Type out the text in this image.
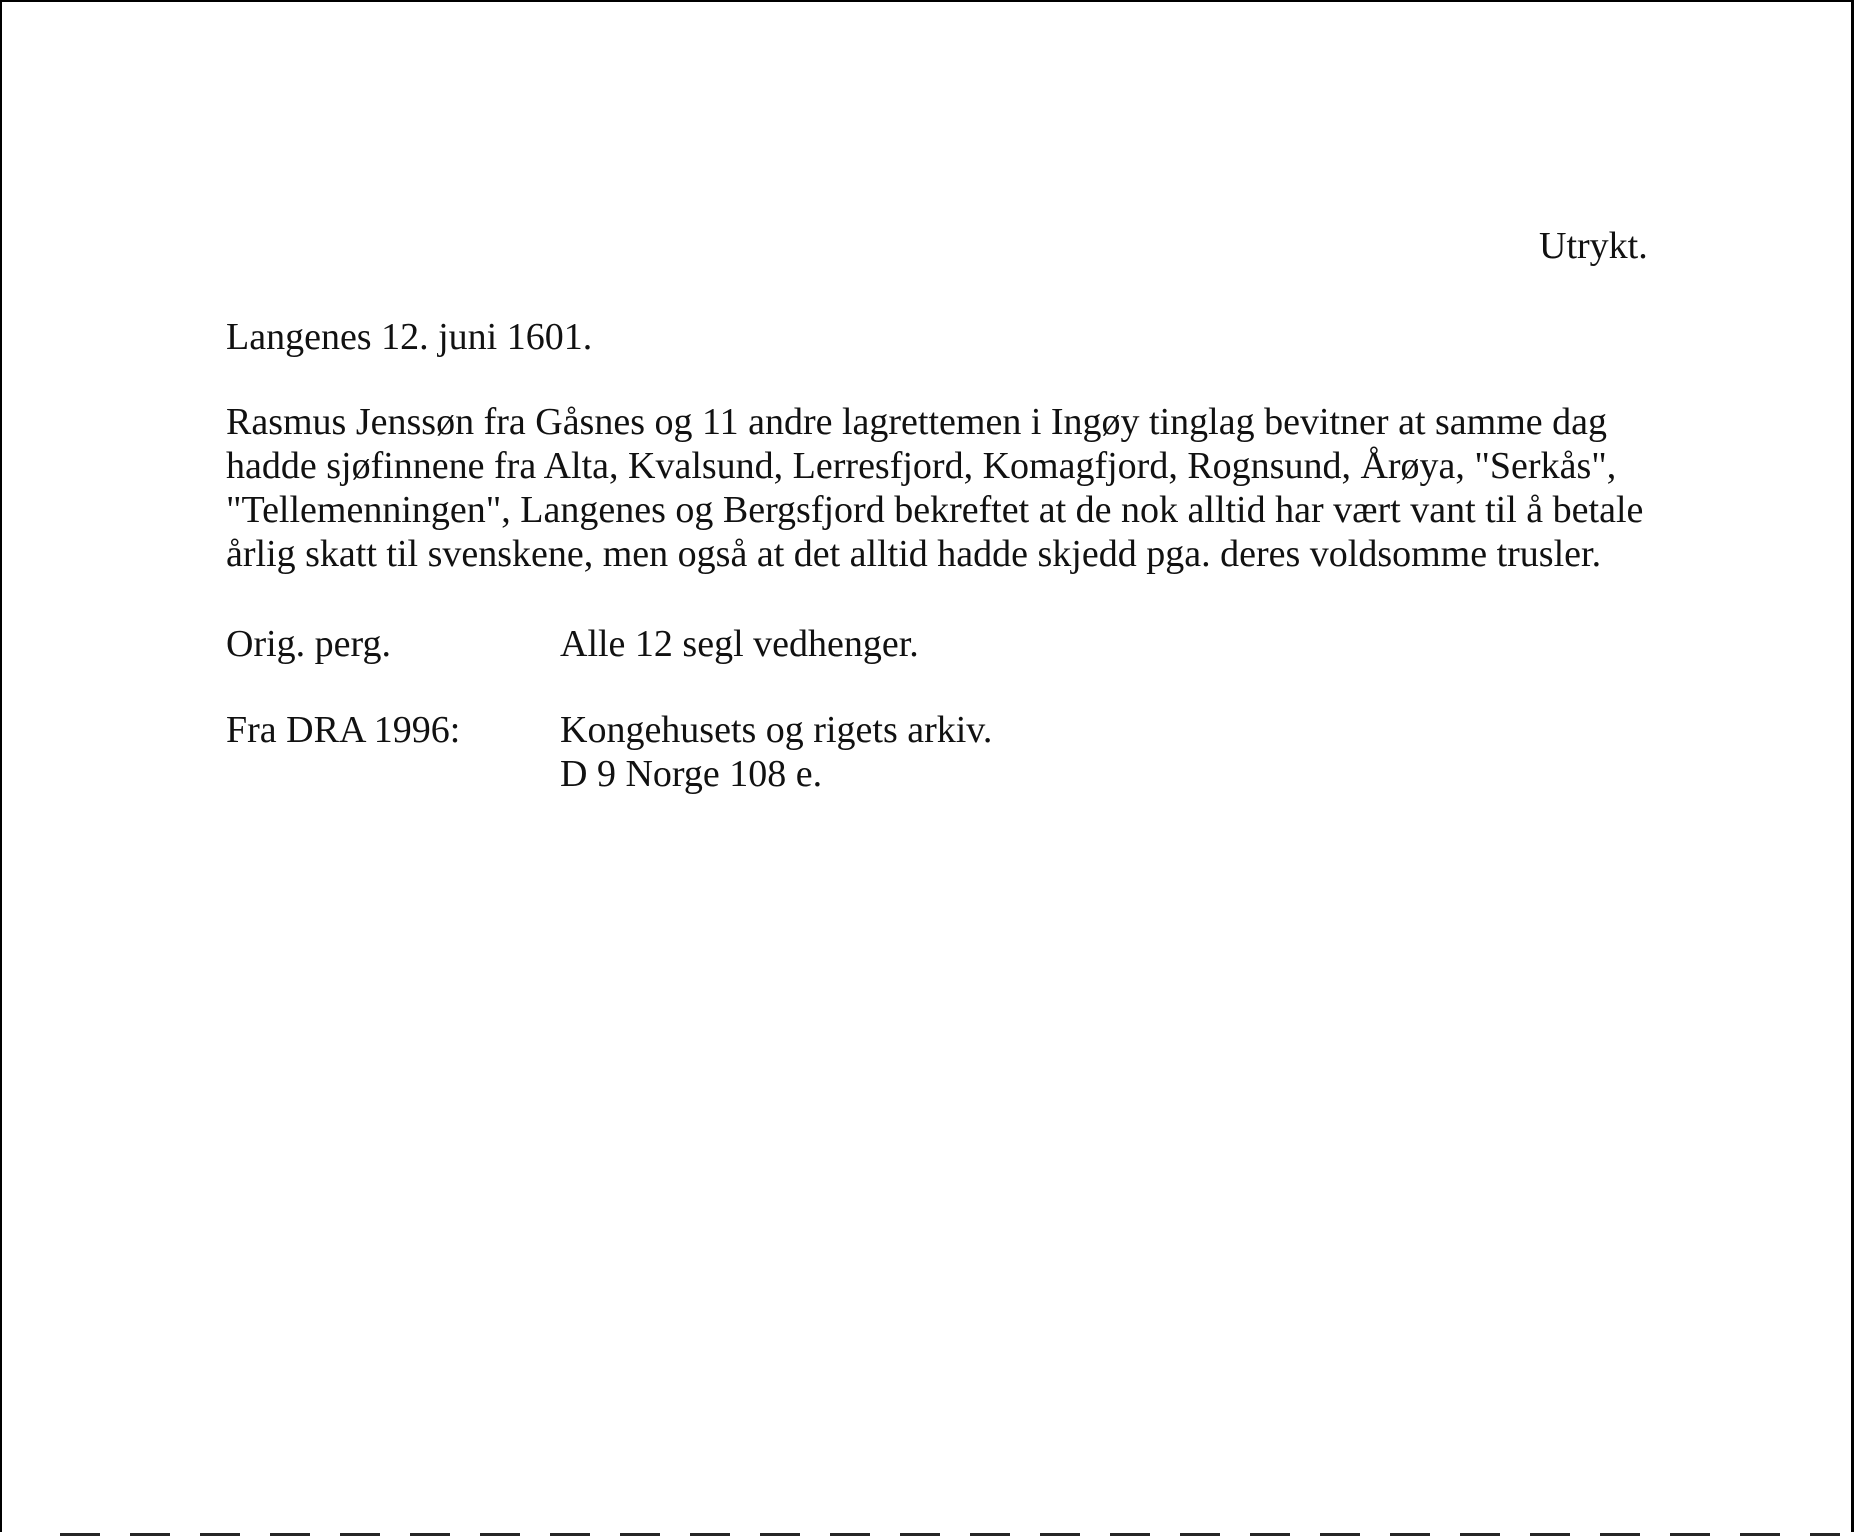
Utrykt.
Langenes 12. juni 1601.
Rasmus Jenssøn fra Gåsnes og 11 andre lagrettemen i Ingøy tinglag bevitner at samme dag
hadde sjøfinnene fra Alta, Kvalsund, Lerresfjord, Komagfjord, Rognsund, Årøya, "Serkås",
"Tellemenningen", Langenes og Bergsfjord bekreftet at de nok alltid har vært vant til å betale
årlig skatt til svenskene, men også at det alltid hadde skjedd pga. deres voldsomme trusler.
Orig. perg.	Alle 12 segl vedhenger.
Fra DRA 1996:	Kongehusets og rigets arkiv.
D 9 Norge 108 e.
